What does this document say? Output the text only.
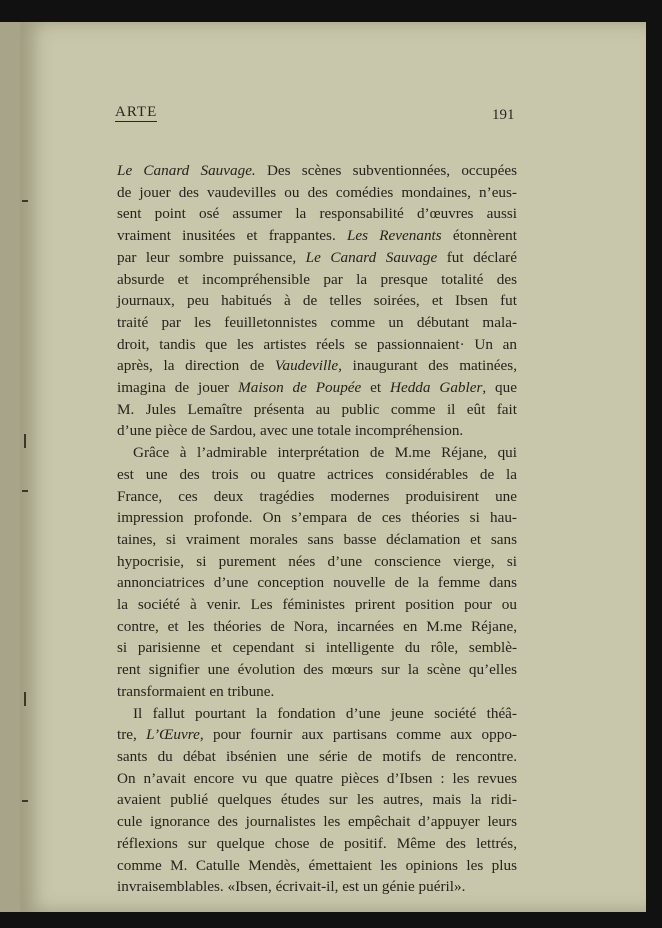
ARTE	191
Le Canard Sauvage. Des scènes subventionnées, occupées
de jouer des vaudevilles ou des comédies mondaines, n’eus-
sent point osé assumer la responsabilité d’œuvres aussi
vraiment inusitées et frappantes. Les Revenants étonnèrent
par leur sombre puissance, Le Canard Sauvage fut déclaré
absurde et incompréhensible par la presque totalité des
journaux, peu habitués à de telles soirées, et Ibsen fut
traité par les feuilletonnistes comme un débutant mala-
droit, tandis que les artistes réels se passionnaient· Un an
après, la direction de Vaudeville, inaugurant des matinées,
imagina de jouer Maison de Poupée et Hedda Gabler, que
M. Jules Lemaître présenta au public comme il eût fait
d’une pièce de Sardou, avec une totale incompréhension.
Grâce à l’admirable interprétation de M.me Réjane, qui
est une des trois ou quatre actrices considérables de la
France, ces deux tragédies modernes produisirent une
impression profonde. On s’empara de ces théories si hau-
taines, si vraiment morales sans basse déclamation et sans
hypocrisie, si purement nées d’une conscience vierge, si
annonciatrices d’une conception nouvelle de la femme dans
la société à venir. Les féministes prirent position pour ou
contre, et les théories de Nora, incarnées en M.me Réjane,
si parisienne et cependant si intelligente du rôle, semblè-
rent signifier une évolution des mœurs sur la scène qu’elles
transformaient en tribune.
Il fallut pourtant la fondation d’une jeune société théâ-
tre, L’Œuvre, pour fournir aux partisans comme aux oppo-
sants du débat ibsénien une série de motifs de rencontre.
On n’avait encore vu que quatre pièces d’Ibsen : les revues
avaient publié quelques études sur les autres, mais la ridi-
cule ignorance des journalistes les empêchait d’appuyer leurs
réflexions sur quelque chose de positif. Même des lettrés,
comme M. Catulle Mendès, émettaient les opinions les plus
invraisemblables. «Ibsen, écrivait-il, est un génie puéril».
